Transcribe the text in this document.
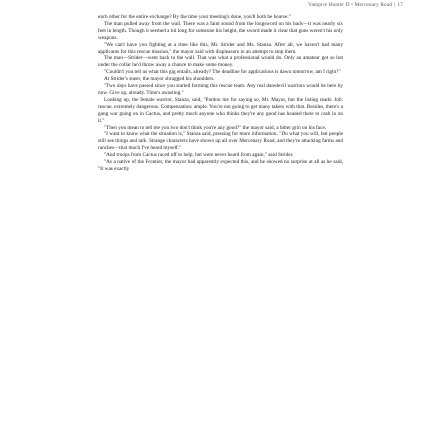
Vampire Hunter D • Mercenary Road | 17

each other for the entire exchange? By the time your meeting's done, you'll both be hoarse."

The man pulled away from the wall. There was a faint sound from the longsword on his back—it was nearly six feet in length. Though it seemed a bit long for someone his height, the sword made it clear that guns weren't his only weapons.

"We can't have you fighting at a time like this, Mr. Strider and Ms. Stanza. After all, we haven't had many applicants for this rescue mission," the mayor said with displeasure in an attempt to stop them.

The man—Strider—went back to the wall. That was what a professional would do. Only an amateur got so hot under the collar he'd throw away a chance to make some money.

"Couldn't you tell us what this gig entails, already? The deadline for applications is dawn tomorrow, am I right?"

At Strider's sneer, the mayor shrugged his shoulders.

"Two days have passed since you started forming this rescue team. Any real daredevil warriors would be here by now. Give up, already. Time's awasting."

Looking up, the female warrior, Stanza, said, "Pardon me for saying so, Mr. Mayor, but the listing reads: Job: rescue, extremely dangerous. Compensation: ample. You're not going to get many takers with that. Besides, there's a gang war going on in Cactus, and pretty much anyone who thinks they're any good has headed there to cash in on it."

"Then you mean to tell me you two don't think you're any good?" the mayor said, a bitter grin on his face.

"I want to know what the situation is," Stanza said, pressing for more information. "Do what you will, but people still see things and talk. Strange characters have shown up all over Mercenary Road, and they're attacking farms and ranches—that much I've heard myself."

"And troops from Cactus raced off to help, but were never heard from again," said Strider.

"As a native of the Frontier, the mayor had apparently expected this, and he showed no surprise at all as he said, "It was exactly
